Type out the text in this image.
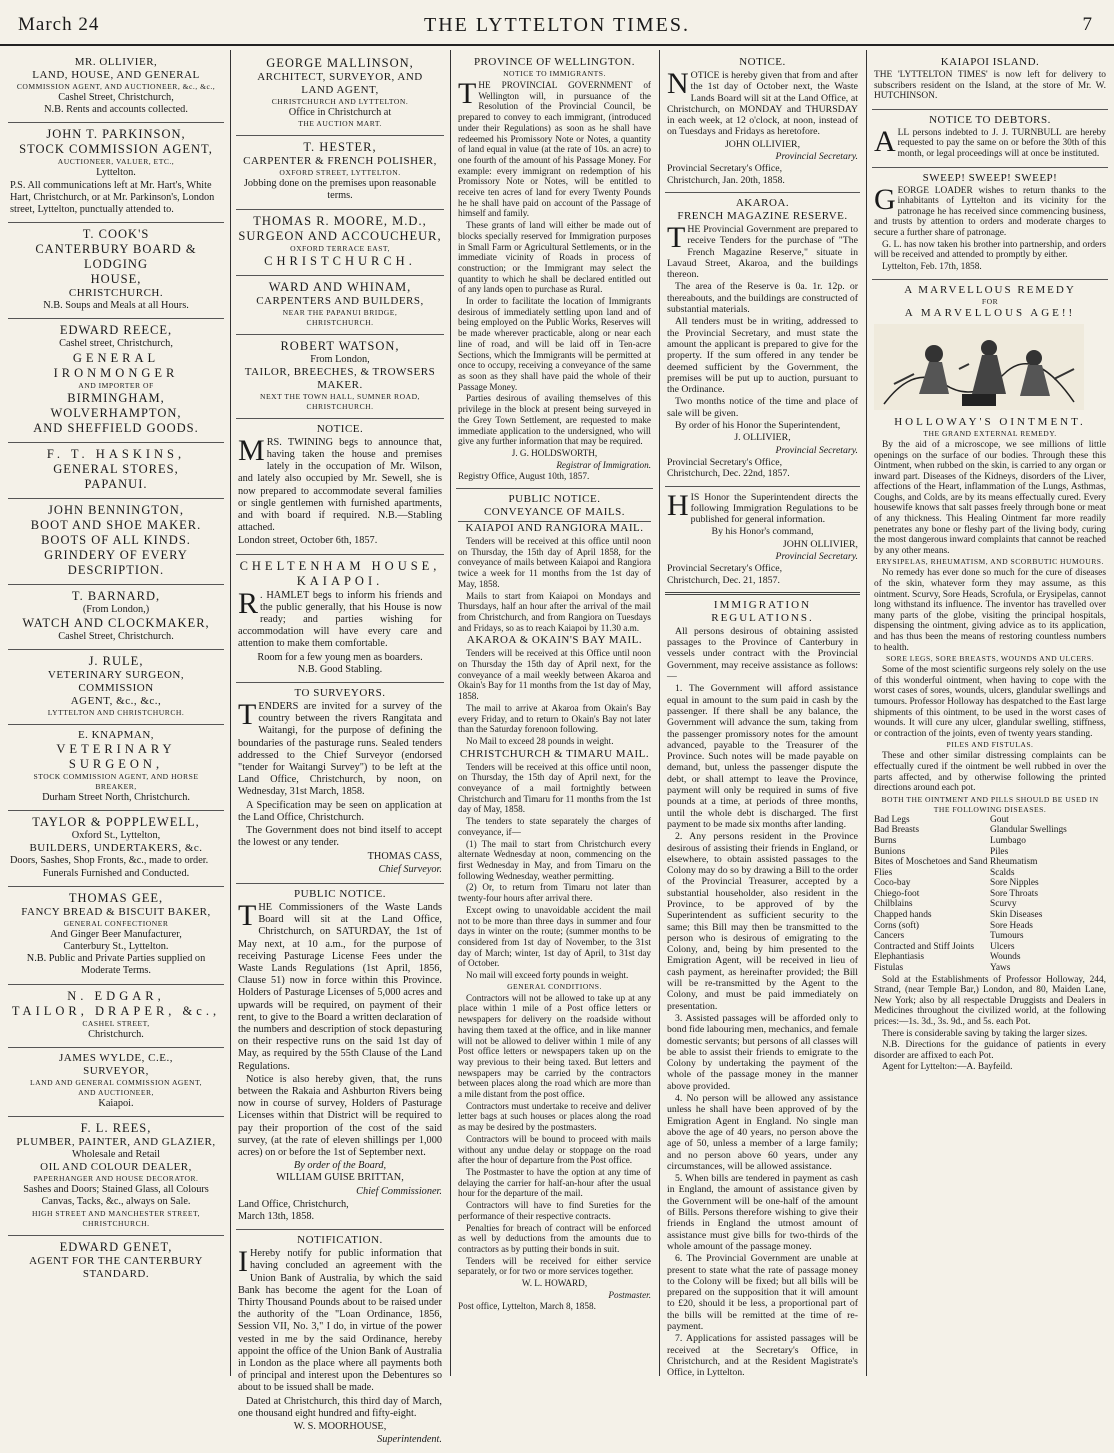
March 24	THE LYTTELTON TIMES.	7
MR. OLLIVIER,
LAND, HOUSE, AND GENERAL
COMMISSION AGENT, AND AUCTIONEER, &c., &c.,
Cashel Street, Christchurch,
N.B. Rents and accounts collected.
JOHN T. PARKINSON,
STOCK COMMISSION AGENT,
AUCTIONEER, VALUER, ETC.,
Lyttelton.

P.S. All communications left at Mr. Hart's, White Hart, Christchurch, or at Mr. Parkinson's, London street, Lyttelton, punctually attended to.

T. COOK'S
CANTERBURY BOARD & LODGING
HOUSE,
CHRISTCHURCH.
N.B. Soups and Meals at all Hours.
EDWARD REECE,
Cashel street, Christchurch,
GENERAL IRONMONGER
AND IMPORTER OF
BIRMINGHAM, WOLVERHAMPTON,
AND SHEFFIELD GOODS.
F. T. HASKINS,
GENERAL STORES,
PAPANUI.
JOHN BENNINGTON,
BOOT AND SHOE MAKER.
BOOTS OF ALL KINDS.
GRINDERY OF EVERY DESCRIPTION.
T. BARNARD,
(From London,)
WATCH AND CLOCKMAKER,
Cashel Street, Christchurch.
J. RULE,
VETERINARY SURGEON, COMMISSION
AGENT, &c., &c.,
LYTTELTON AND CHRISTCHURCH.
E. KNAPMAN,
VETERINARY SURGEON,
STOCK COMMISSION AGENT, AND HORSE
BREAKER,
Durham Street North, Christchurch.
TAYLOR & POPPLEWELL,
Oxford St., Lyttelton,
BUILDERS, UNDERTAKERS, &c.

Doors, Sashes, Shop Fronts, &c., made to order.

Funerals Furnished and Conducted.
THOMAS GEE,
FANCY BREAD & BISCUIT BAKER,
GENERAL CONFECTIONER
And Ginger Beer Manufacturer,
Canterbury St., Lyttelton.
N.B. Public and Private Parties supplied on Moderate Terms.
N. EDGAR,
TAILOR, DRAPER, &c.,
CASHEL STREET,
Christchurch.
JAMES WYLDE, C.E.,
SURVEYOR,
LAND AND GENERAL COMMISSION AGENT,
AND AUCTIONEER,
Kaiapoi.
F. L. REES,
PLUMBER, PAINTER, AND GLAZIER,
Wholesale and Retail
OIL AND COLOUR DEALER,
PAPERHANGER AND HOUSE DECORATOR.
Sashes and Doors; Stained Glass, all Colours Canvas, Tacks, &c., always on Sale.
HIGH STREET AND MANCHESTER STREET, CHRISTCHURCH.
EDWARD GENET,
AGENT FOR THE CANTERBURY
STANDARD.
GEORGE MALLINSON,
ARCHITECT, SURVEYOR, AND
LAND AGENT,
CHRISTCHURCH AND LYTTELTON.
Office in Christchurch at
THE AUCTION MART.
T. HESTER,
CARPENTER & FRENCH POLISHER,
OXFORD STREET, LYTTELTON.
Jobbing done on the premises upon reasonable terms.
THOMAS R. MOORE, M.D.,
SURGEON AND ACCOUCHEUR,
OXFORD TERRACE EAST,
CHRISTCHURCH.
WARD AND WHINAM,
CARPENTERS AND BUILDERS,
NEAR THE PAPANUI BRIDGE,
CHRISTCHURCH.
ROBERT WATSON,
From London,
TAILOR, BREECHES, & TROWSERS
MAKER.
NEXT THE TOWN HALL, SUMNER ROAD,
CHRISTCHURCH.
NOTICE.

MRS. TWINING begs to announce that, having taken the house and premises lately in the occupation of Mr. Wilson, and lately also occupied by Mr. Sewell, she is now prepared to accommodate several families or single gentlemen with furnished apartments, and with board if required. N.B.—Stabling attached.

London street, October 6th, 1857.

CHELTENHAM HOUSE,
KAIAPOI.

R . HAMLET begs to inform his friends and the public generally, that his House is now ready; and parties wishing for accommodation will have every care and attention to make them comfortable.

Room for a few young men as boarders.

N.B. Good Stabling.

TO SURVEYORS.

TENDERS are invited for a survey of the country between the rivers Rangitata and Waitangi, for the purpose of defining the boundaries of the pasturage runs. Sealed tenders addressed to the Chief Surveyor (endorsed "tender for Waitangi Survey") to be left at the Land Office, Christchurch, by noon, on Wednesday, 31st March, 1858.

A Specification may be seen on application at the Land Office, Christchurch.

The Government does not bind itself to accept the lowest or any tender.

THOMAS CASS,

Chief Surveyor.

PUBLIC NOTICE.

THE Commissioners of the Waste Lands Board will sit at the Land Office, Christchurch, on SATURDAY, the 1st of May next, at 10 a.m., for the purpose of receiving Pasturage License Fees under the Waste Lands Regulations (1st April, 1856, Clause 51) now in force within this Province. Holders of Pasturage Licenses of 5,000 acres and upwards will be required, on payment of their rent, to give to the Board a written declaration of the numbers and description of stock depasturing on their respective runs on the said 1st day of May, as required by the 55th Clause of the Land Regulations.

Notice is also hereby given, that, the runs between the Rakaia and Ashburton Rivers being now in course of survey, Holders of Pasturage Licenses within that District will be required to pay their proportion of the cost of the said survey, (at the rate of eleven shillings per 1,000 acres) on or before the 1st of September next.

By order of the Board,

WILLIAM GUISE BRITTAN,

Chief Commissioner.

Land Office, Christchurch,

March 13th, 1858.

NOTIFICATION.

I Hereby notify for public information that having concluded an agreement with the Union Bank of Australia, by which the said Bank has become the agent for the Loan of Thirty Thousand Pounds about to be raised under the authority of the "Loan Ordinance, 1856, Session VII, No. 3," I do, in virtue of the power vested in me by the said Ordinance, hereby appoint the office of the Union Bank of Australia in London as the place where all payments both of principal and interest upon the Debentures so about to be issued shall be made.

Dated at Christchurch, this third day of March, one thousand eight hundred and fifty-eight.

W. S. MOORHOUSE,

Superintendent.

PROVINCE OF WELLINGTON.
NOTICE TO IMMIGRANTS.

THE PROVINCIAL GOVERNMENT of Wellington will, in pursuance of the Resolution of the Provincial Council, be prepared to convey to each immigrant, (introduced under their Regulations) as soon as he shall have redeemed his Promissory Note or Notes, a quantity of land equal in value (at the rate of 10s. an acre) to one fourth of the amount of his Passage Money. For example: every immigrant on redemption of his Promissory Note or Notes, will be entitled to receive ten acres of land for every Twenty Pounds he he shall have paid on account of the Passage of himself and family.

These grants of land will either be made out of blocks specially reserved for Immigration purposes in Small Farm or Agricultural Settlements, or in the immediate vicinity of Roads in process of construction; or the Immigrant may select the quantity to which he shall be declared entitled out of any lands open to purchase as Rural.

In order to facilitate the location of Immigrants desirous of immediately settling upon land and of being employed on the Public Works, Reserves will be made wherever practicable, along or near each line of road, and will be laid off in Ten-acre Sections, which the Immigrants will be permitted at once to occupy, receiving a conveyance of the same as soon as they shall have paid the whole of their Passage Money.

Parties desirous of availing themselves of this privilege in the block at present being surveyed in the Grey Town Settlement, are requested to make immediate application to the undersigned, who will give any further information that may be required.

J. G. HOLDSWORTH,

Registrar of Immigration.

Registry Office, August 10th, 1857.

PUBLIC NOTICE.
CONVEYANCE OF MAILS.
KAIAPOI AND RANGIORA MAIL.

Tenders will be received at this office until noon on Thursday, the 15th day of April 1858, for the conveyance of mails between Kaiapoi and Rangiora twice a week for 11 months from the 1st day of May, 1858.

Mails to start from Kaiapoi on Mondays and Thursdays, half an hour after the arrival of the mail from Christchurch, and from Rangiora on Tuesdays and Fridays, so as to reach Kaiapoi by 11.30 a.m.

AKAROA & OKAIN'S BAY MAIL.

Tenders will be received at this Office until noon on Thursday the 15th day of April next, for the conveyance of a mail weekly between Akaroa and Okain's Bay for 11 months from the 1st day of May, 1858.

The mail to arrive at Akaroa from Okain's Bay every Friday, and to return to Okain's Bay not later than the Saturday forenoon following.

No Mail to exceed 28 pounds in weight.

CHRISTCHURCH & TIMARU MAIL.

Tenders will be received at this office until noon, on Thursday, the 15th day of April next, for the conveyance of a mail fortnightly between Christchurch and Timaru for 11 months from the 1st day of May, 1858.

The tenders to state separately the charges of conveyance, if—

(1) The mail to start from Christchurch every alternate Wednesday at noon, commencing on the first Wednesday in May, and from Timaru on the following Wednesday, weather permitting.

(2) Or, to return from Timaru not later than twenty-four hours after arrival there.

Except owing to unavoidable accident the mail not to be more than three days in summer and four days in winter on the route; (summer months to be considered from 1st day of November, to the 31st day of March; winter, 1st day of April, to 31st day of October.

No mail will exceed forty pounds in weight.

GENERAL CONDITIONS.

Contractors will not be allowed to take up at any place within 1 mile of a Post office letters or newspapers for delivery on the roadside without having them taxed at the office, and in like manner will not be allowed to deliver within 1 mile of any Post office letters or newspapers taken up on the way previous to their being taxed. But letters and newspapers may be carried by the contractors between places along the road which are more than a mile distant from the post office.

Contractors must undertake to receive and deliver letter bags at such houses or places along the road as may be desired by the postmasters.

Contractors will be bound to proceed with mails without any undue delay or stoppage on the road after the hour of departure from the Post office.

The Postmaster to have the option at any time of delaying the carrier for half-an-hour after the usual hour for the departure of the mail.

Contractors will have to find Sureties for the performance of their respective contracts.

Penalties for breach of contract will be enforced as well by deductions from the amounts due to contractors as by putting their bonds in suit.

Tenders will be received for either service separately, or for two or more services together.

W. L. HOWARD,

Postmaster.

Post office, Lyttelton, March 8, 1858.

NOTICE.

NOTICE is hereby given that from and after the 1st day of October next, the Waste Lands Board will sit at the Land Office, at Christchurch, on MONDAY and THURSDAY in each week, at 12 o'clock, at noon, instead of on Tuesdays and Fridays as heretofore.

JOHN OLLIVIER,

Provincial Secretary.

Provincial Secretary's Office,

Christchurch, Jan. 20th, 1858.

AKAROA.
FRENCH MAGAZINE RESERVE.

THE Provincial Government are prepared to receive Tenders for the purchase of "The French Magazine Reserve," situate in Lavaud Street, Akaroa, and the buildings thereon.

The area of the Reserve is 0a. 1r. 12p. or thereabouts, and the buildings are constructed of substantial materials.

All tenders must be in writing, addressed to the Provincial Secretary, and must state the amount the applicant is prepared to give for the property. If the sum offered in any tender be deemed sufficient by the Government, the premises will be put up to auction, pursuant to the Ordinance.

Two months notice of the time and place of sale will be given.

By order of his Honor the Superintendent,

J. OLLIVIER,

Provincial Secretary.

Provincial Secretary's Office,

Christchurch, Dec. 22nd, 1857.

HIS Honor the Superintendent directs the following Immigration Regulations to be published for general information.

By his Honor's command,

JOHN OLLIVIER,

Provincial Secretary.

Provincial Secretary's Office,

Christchurch, Dec. 21, 1857.

IMMIGRATION REGULATIONS.

All persons desirous of obtaining assisted passages to the Province of Canterbury in vessels under contract with the Provincial Government, may receive assistance as follows:—

1. The Government will afford assistance equal in amount to the sum paid in cash by the passenger. If there shall be any balance, the Government will advance the sum, taking from the passenger promissory notes for the amount advanced, payable to the Treasurer of the Province. Such notes will be made payable on demand, but, unless the passenger dispute the debt, or shall attempt to leave the Province, payment will only be required in sums of five pounds at a time, at periods of three months, until the whole debt is discharged. The first payment to be made six months after landing.

2. Any persons resident in the Province desirous of assisting their friends in England, or elsewhere, to obtain assisted passages to the Colony may do so by drawing a Bill to the order of the Provincial Treasurer, accepted by a substantial householder, also resident in the Province, to be approved of by the Superintendent as sufficient security to the same; this Bill may then be transmitted to the person who is desirous of emigrating to the Colony, and, being by him presented to the Emigration Agent, will be received in lieu of cash payment, as hereinafter provided; the Bill will be re-transmitted by the Agent to the Colony, and must be paid immediately on presentation.

3. Assisted passages will be afforded only to bond fide labouring men, mechanics, and female domestic servants; but persons of all classes will be able to assist their friends to emigrate to the Colony by undertaking the payment of the whole of the passage money in the manner above provided.

4. No person will be allowed any assistance unless he shall have been approved of by the Emigration Agent in England. No single man above the age of 40 years, no person above the age of 50, unless a member of a large family; and no person above 60 years, under any circumstances, will be allowed assistance.

5. When bills are tendered in payment as cash in England, the amount of assistance given by the Government will be one-half of the amount of Bills. Persons therefore wishing to give their friends in England the utmost amount of assistance must give bills for two-thirds of the whole amount of the passage money.

6. The Provincial Government are unable at present to state what the rate of passage money to the Colony will be fixed; but all bills will be prepared on the supposition that it will amount to £20, should it be less, a proportional part of the bills will be remitted at the time of re-payment.

7. Applications for assisted passages will be received at the Secretary's Office, in Christchurch, and at the Resident Magistrate's Office, in Lyttelton.

KAIAPOI ISLAND.

THE 'LYTTELTON TIMES' is now left for delivery to subscribers resident on the Island, at the store of Mr. W. HUTCHINSON.

NOTICE TO DEBTORS.

ALL persons indebted to J. J. TURNBULL are hereby requested to pay the same on or before the 30th of this month, or legal proceedings will at once be instituted.

SWEEP! SWEEP! SWEEP!

GEORGE LOADER wishes to return thanks to the inhabitants of Lyttelton and its vicinity for the patronage he has received since commencing business, and trusts by attention to orders and moderate charges to secure a further share of patronage.

G. L. has now taken his brother into partnership, and orders will be received and attended to promptly by either.

Lyttelton, Feb. 17th, 1858.

A MARVELLOUS REMEDY
FOR
A MARVELLOUS AGE!!
HOLLOWAY'S OINTMENT.
THE GRAND EXTERNAL REMEDY.

By the aid of a microscope, we see millions of little openings on the surface of our bodies. Through these this Ointment, when rubbed on the skin, is carried to any organ or inward part. Diseases of the Kidneys, disorders of the Liver, affections of the Heart, inflammation of the Lungs, Asthmas, Coughs, and Colds, are by its means effectually cured. Every housewife knows that salt passes freely through bone or meat of any thickness. This Healing Ointment far more readily penetrates any bone or fleshy part of the living body, curing the most dangerous inward complaints that cannot be reached by any other means.

ERYSIPELAS, RHEUMATISM, AND SCORBUTIC HUMOURS.

No remedy has ever done so much for the cure of diseases of the skin, whatever form they may assume, as this ointment. Scurvy, Sore Heads, Scrofula, or Erysipelas, cannot long withstand its influence. The inventor has travelled over many parts of the globe, visiting the principal hospitals, dispensing the ointment, giving advice as to its application, and has thus been the means of restoring countless numbers to health.

SORE LEGS, SORE BREASTS, WOUNDS AND ULCERS.

Some of the most scientific surgeons rely solely on the use of this wonderful ointment, when having to cope with the worst cases of sores, wounds, ulcers, glandular swellings and tumours. Professor Holloway has despatched to the East large shipments of this ointment, to be used in the worst cases of wounds. It will cure any ulcer, glandular swelling, stiffness, or contraction of the joints, even of twenty years standing.

PILES AND FISTULAS.

These and other similar distressing complaints can be effectually cured if the ointment be well rubbed in over the parts affected, and by otherwise following the printed directions around each pot.

BOTH THE OINTMENT AND PILLS SHOULD BE USED IN THE FOLLOWING DISEASES.

Bad Legs

Bad Breasts

Burns

Bunions

Bites of Moschetoes and Sand Flies

Coco-bay

Chiego-foot

Chilblains

Chapped hands

Corns (soft)

Cancers

Contracted and Stiff Joints

Elephantiasis

Fistulas

Gout

Glandular Swellings

Lumbago

Piles

Rheumatism

Scalds

Sore Nipples

Sore Throats

Scurvy

Skin Diseases

Sore Heads

Tumours

Ulcers

Wounds

Yaws

Sold at the Establishments of Professor Holloway, 244, Strand, (near Temple Bar,) London, and 80, Maiden Lane, New York; also by all respectable Druggists and Dealers in Medicines throughout the civilized world, at the following prices:—1s. 3d., 3s. 9d., and 5s. each Pot.

There is considerable saving by taking the larger sizes.

N.B. Directions for the guidance of patients in every disorder are affixed to each Pot.

Agent for Lyttelton:—A. Bayfeild.
